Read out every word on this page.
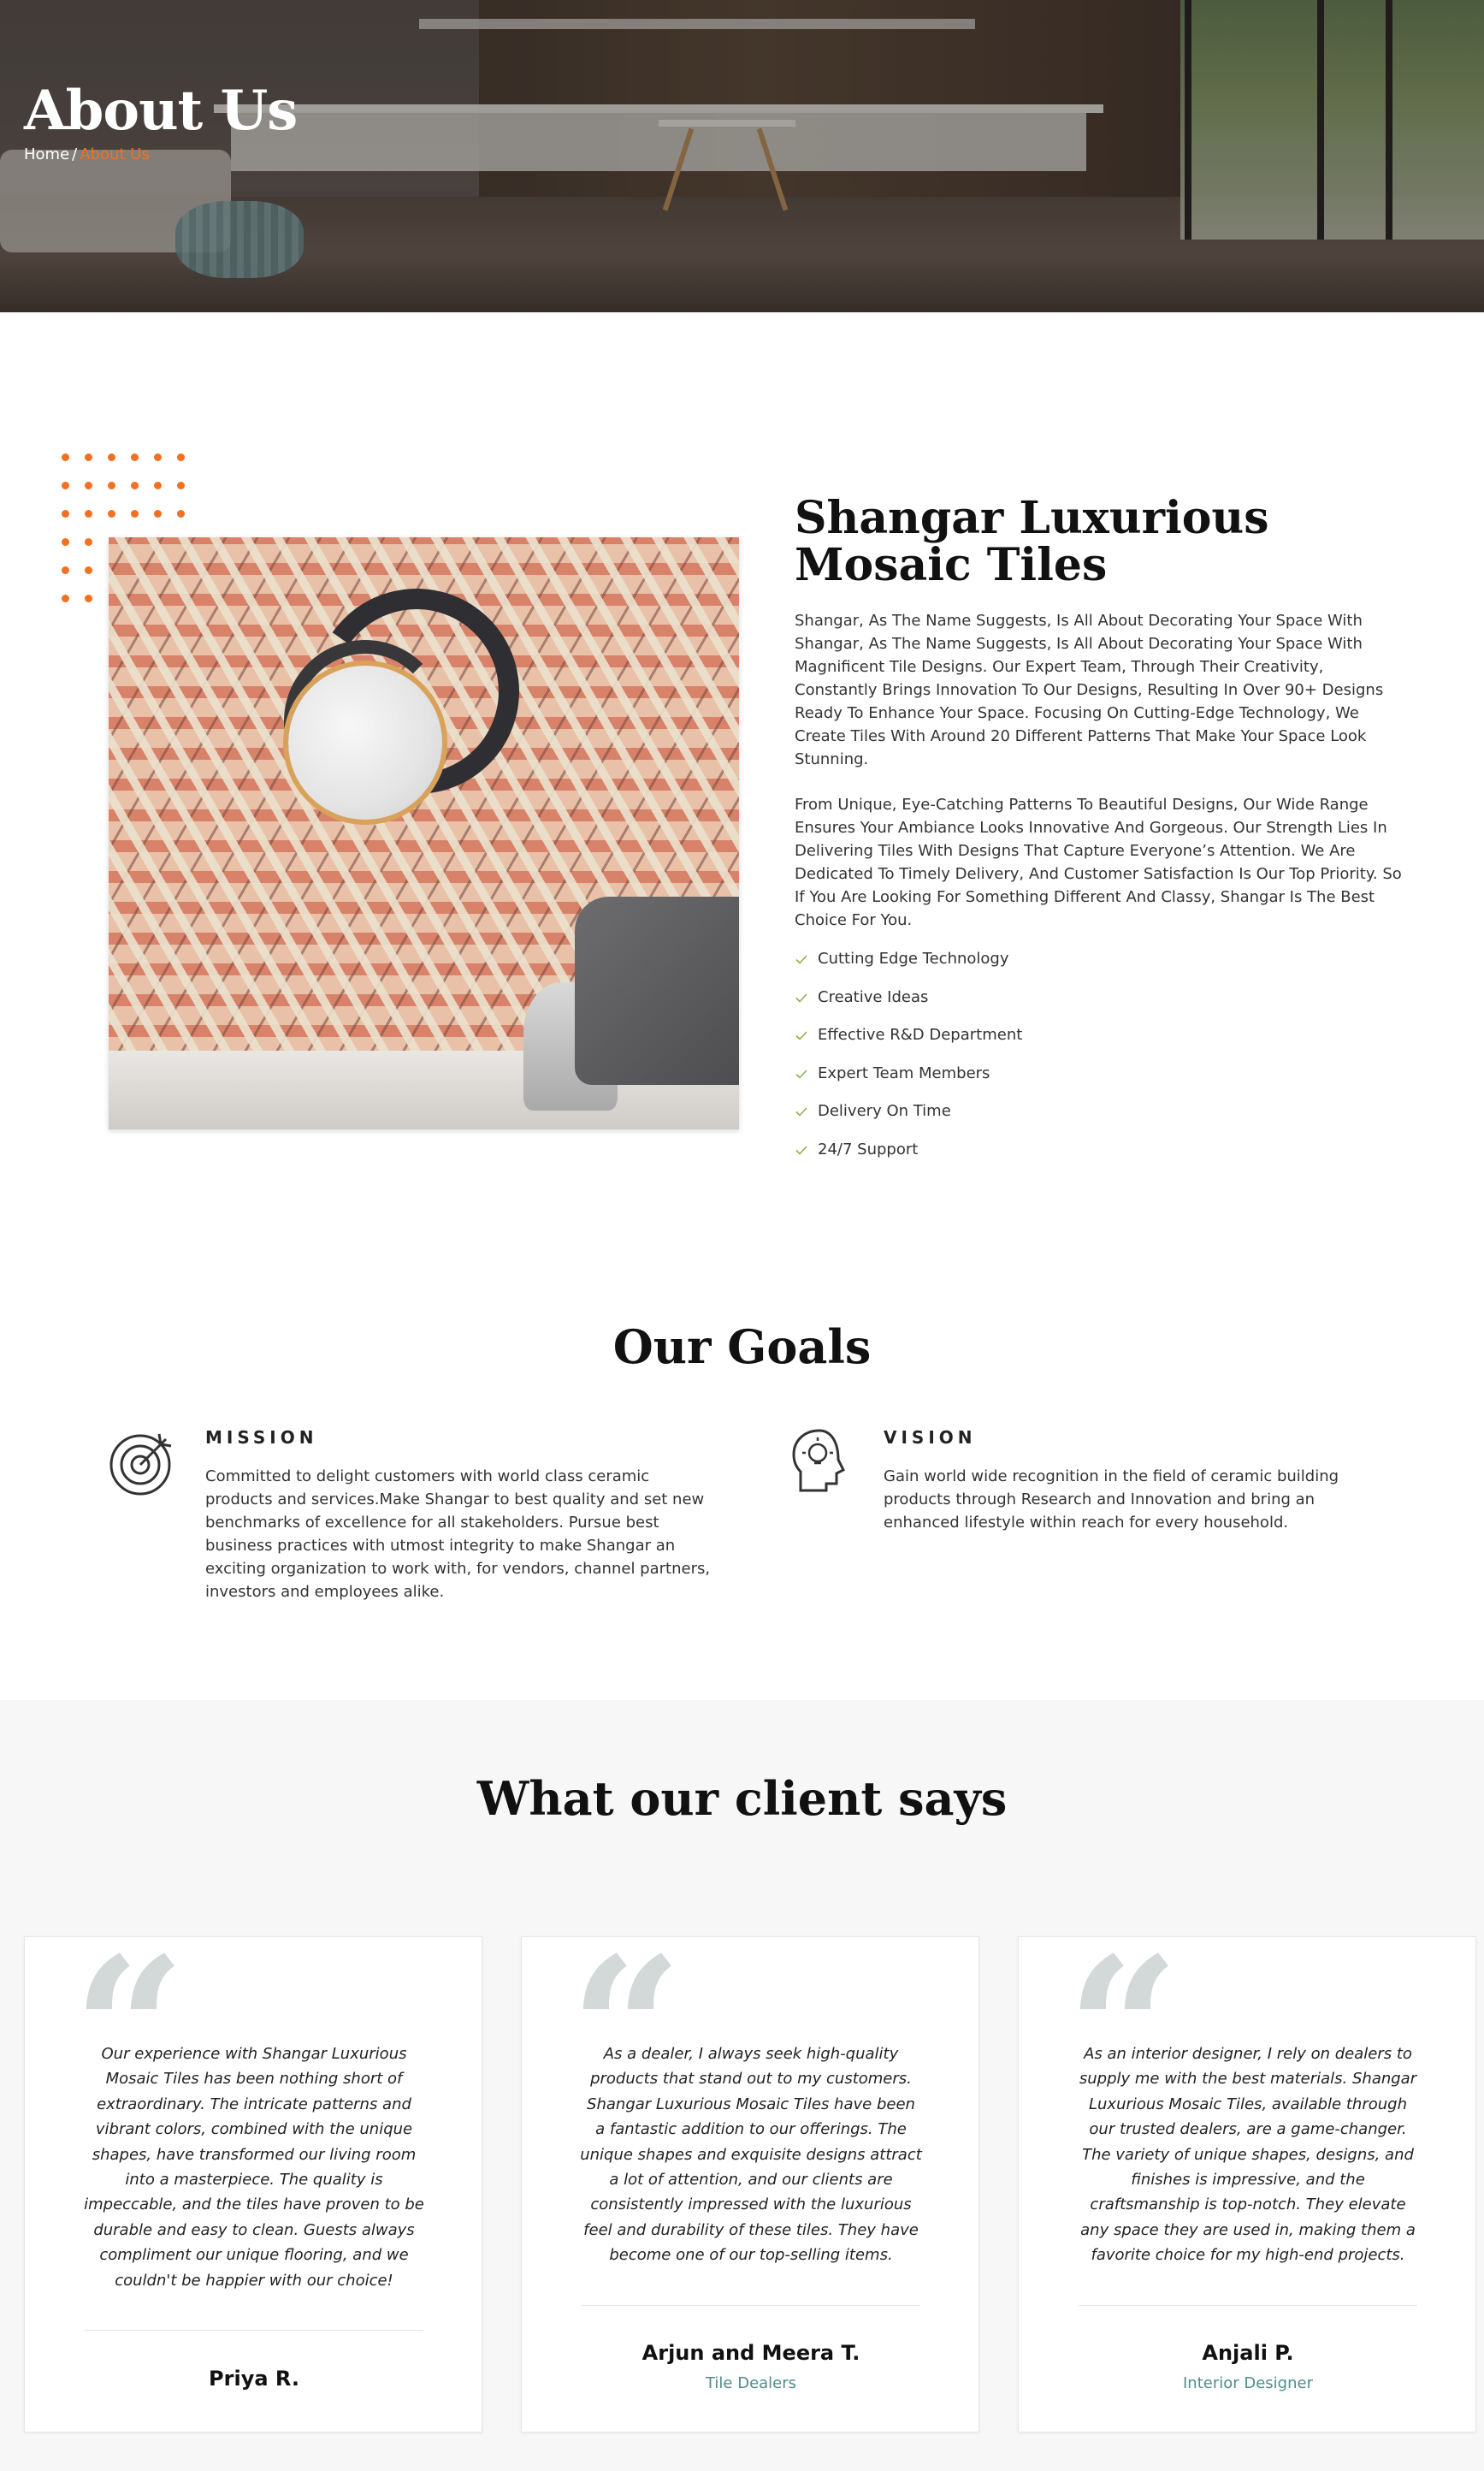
About Us
Home / About Us
Shangar Luxurious
Mosaic Tiles

Shangar, As The Name Suggests, Is All About Decorating Your Space With Shangar, As The Name Suggests, Is All About Decorating Your Space With Magnificent Tile Designs. Our Expert Team, Through Their Creativity, Constantly Brings Innovation To Our Designs, Resulting In Over 90+ Designs Ready To Enhance Your Space. Focusing On Cutting-Edge Technology, We Create Tiles With Around 20 Different Patterns That Make Your Space Look Stunning.

From Unique, Eye-Catching Patterns To Beautiful Designs, Our Wide Range Ensures Your Ambiance Looks Innovative And Gorgeous. Our Strength Lies In Delivering Tiles With Designs That Capture Everyone’s Attention. We Are Dedicated To Timely Delivery, And Customer Satisfaction Is Our Top Priority. So If You Are Looking For Something Different And Classy, Shangar Is The Best Choice For You.

Cutting Edge Technology
Creative Ideas
Effective R&D Department
Expert Team Members
Delivery On Time
24/7 Support
Our Goals
MISSION

Committed to delight customers with world class ceramic products and services.Make Shangar to best quality and set new benchmarks of excellence for all stakeholders. Pursue best business practices with utmost integrity to make Shangar an exciting organization to work with, for vendors, channel partners, investors and employees alike.

VISION

Gain world wide recognition in the field of ceramic building products through Research and Innovation and bring an enhanced lifestyle within reach for every household.

What our client says
“

Our experience with Shangar Luxurious Mosaic Tiles has been nothing short of extraordinary. The intricate patterns and vibrant colors, combined with the unique shapes, have transformed our living room into a masterpiece. The quality is impeccable, and the tiles have proven to be durable and easy to clean. Guests always compliment our unique flooring, and we couldn't be happier with our choice!

Priya R.
“

As a dealer, I always seek high-quality products that stand out to my customers. Shangar Luxurious Mosaic Tiles have been a fantastic addition to our offerings. The unique shapes and exquisite designs attract a lot of attention, and our clients are consistently impressed with the luxurious feel and durability of these tiles. They have become one of our top-selling items.

Arjun and Meera T.
Tile Dealers
“

As an interior designer, I rely on dealers to supply me with the best materials. Shangar Luxurious Mosaic Tiles, available through our trusted dealers, are a game-changer. The variety of unique shapes, designs, and finishes is impressive, and the craftsmanship is top-notch. They elevate any space they are used in, making them a favorite choice for my high-end projects.

Anjali P.
Interior Designer
